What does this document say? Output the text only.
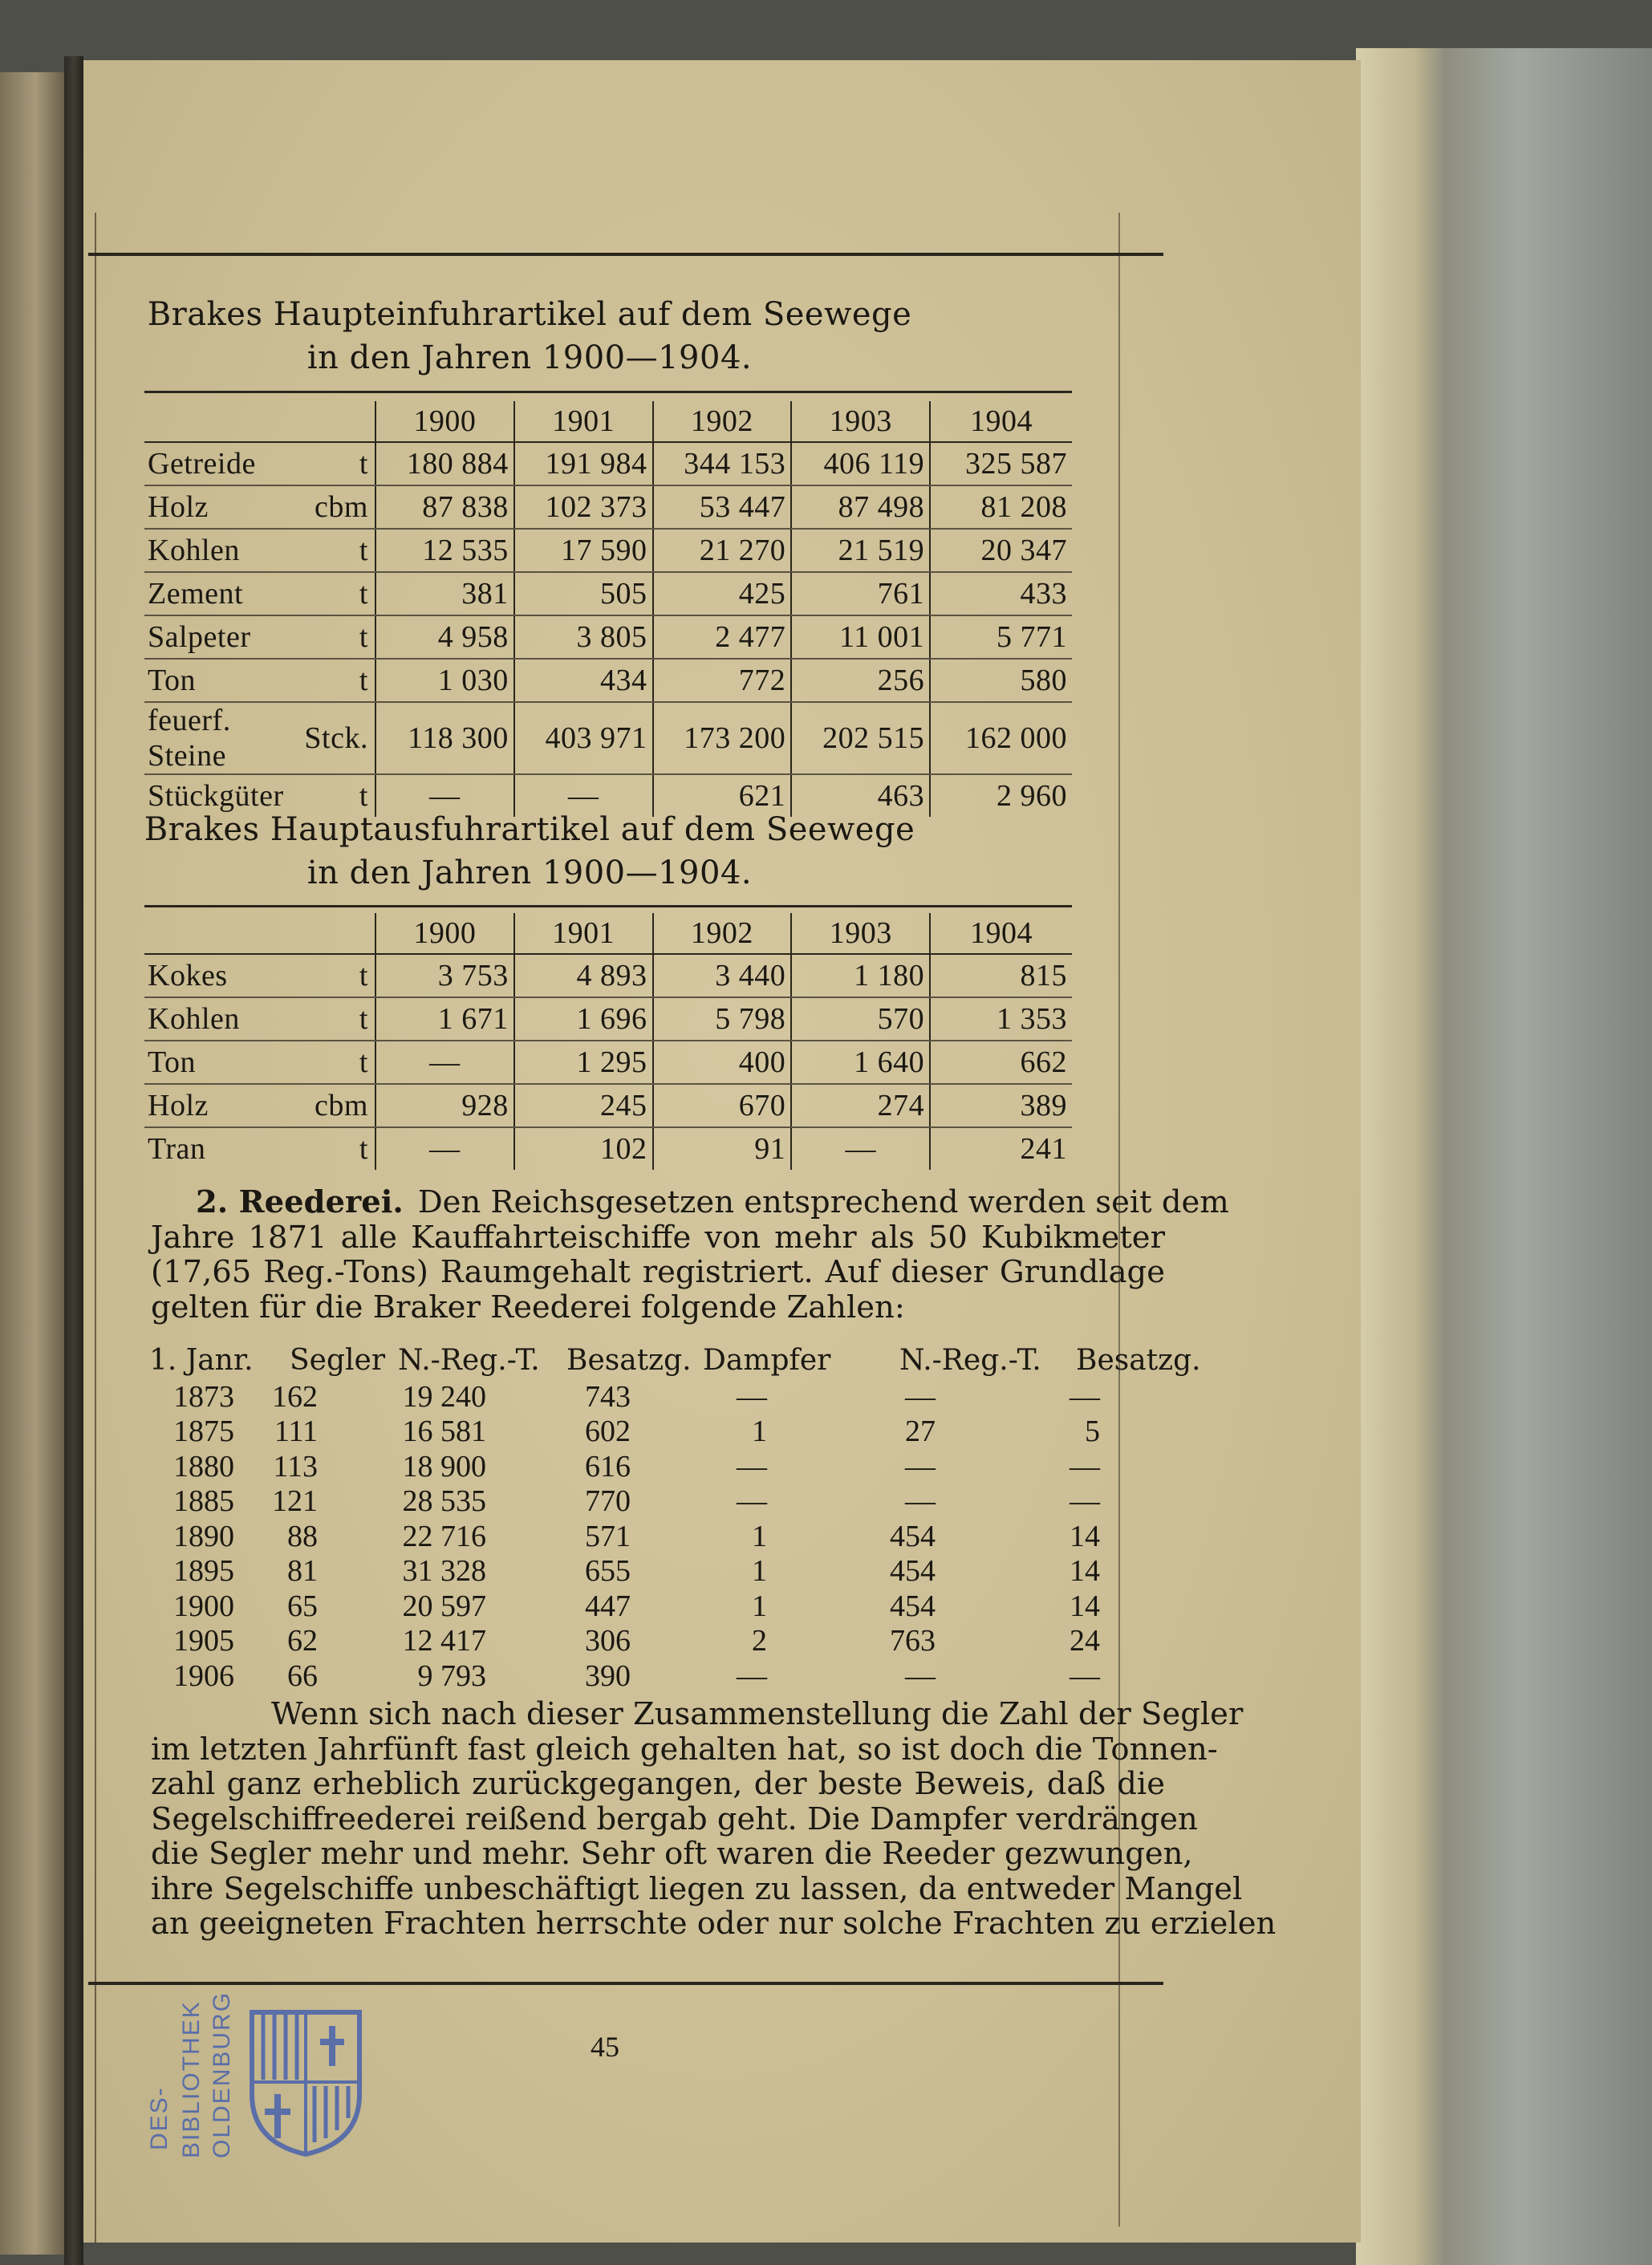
Brakes Haupteinfuhrartikel auf dem Seewege
in den Jahren 1900—1904.
		1900	1901	1902	1903	1904
Getreide	t	180 884	191 984	344 153	406 119	325 587
Holz	cbm	87 838	102 373	53 447	87 498	81 208
Kohlen	t	12 535	17 590	21 270	21 519	20 347
Zement	t	381	505	425	761	433
Salpeter	t	4 958	3 805	2 477	11 001	5 771
Ton	t	1 030	434	772	256	580
feuerf. Steine	Stck.	118 300	403 971	173 200	202 515	162 000
Stückgüter	t	—	—	621	463	2 960
Brakes Hauptausfuhrartikel auf dem Seewege
in den Jahren 1900—1904.
		1900	1901	1902	1903	1904
Kokes	t	3 753	4 893	3 440	1 180	815
Kohlen	t	1 671	1 696	5 798	570	1 353
Ton	t	—	1 295	400	1 640	662
Holz	cbm	928	245	670	274	389
Tran	t	—	102	91	—	241
2. Reederei. Den Reichsgesetzen entsprechend werden seit dem
Jahre 1871 alle Kauffahrteischiffe von mehr als 50 Kubikmeter
(17,65 Reg.-Tons) Raumgehalt registriert. Auf dieser Grundlage
gelten für die Braker Reederei folgende Zahlen:
1. Janr. Segler N.-Reg.-T. Besatzg. Dampfer N.-Reg.-T. Besatzg.
1873 162	19 240	743	—	—	—
1875 111	16 581	602	1	27	5
1880 113	18 900	616	—	—	—
1885 121	28 535	770	—	—	—
1890 88	22 716	571	1	454	14
1895 81	31 328	655	1	454	14
1900 65	20 597	447	1	454	14
1905 62	12 417	306	2	763	24
1906 66	9 793	390	—	—	—
Wenn sich nach dieser Zusammenstellung die Zahl der Segler
im letzten Jahrfünft fast gleich gehalten hat, so ist doch die Tonnen-
zahl ganz erheblich zurückgegangen, der beste Beweis, daß die
Segelschiffreederei reißend bergab geht. Die Dampfer verdrängen
die Segler mehr und mehr. Sehr oft waren die Reeder gezwungen,
ihre Segelschiffe unbeschäftigt liegen zu lassen, da entweder Mangel
an geeigneten Frachten herrschte oder nur solche Frachten zu erzielen
45
DES- BIBLIOTHEK OLDENBURG
